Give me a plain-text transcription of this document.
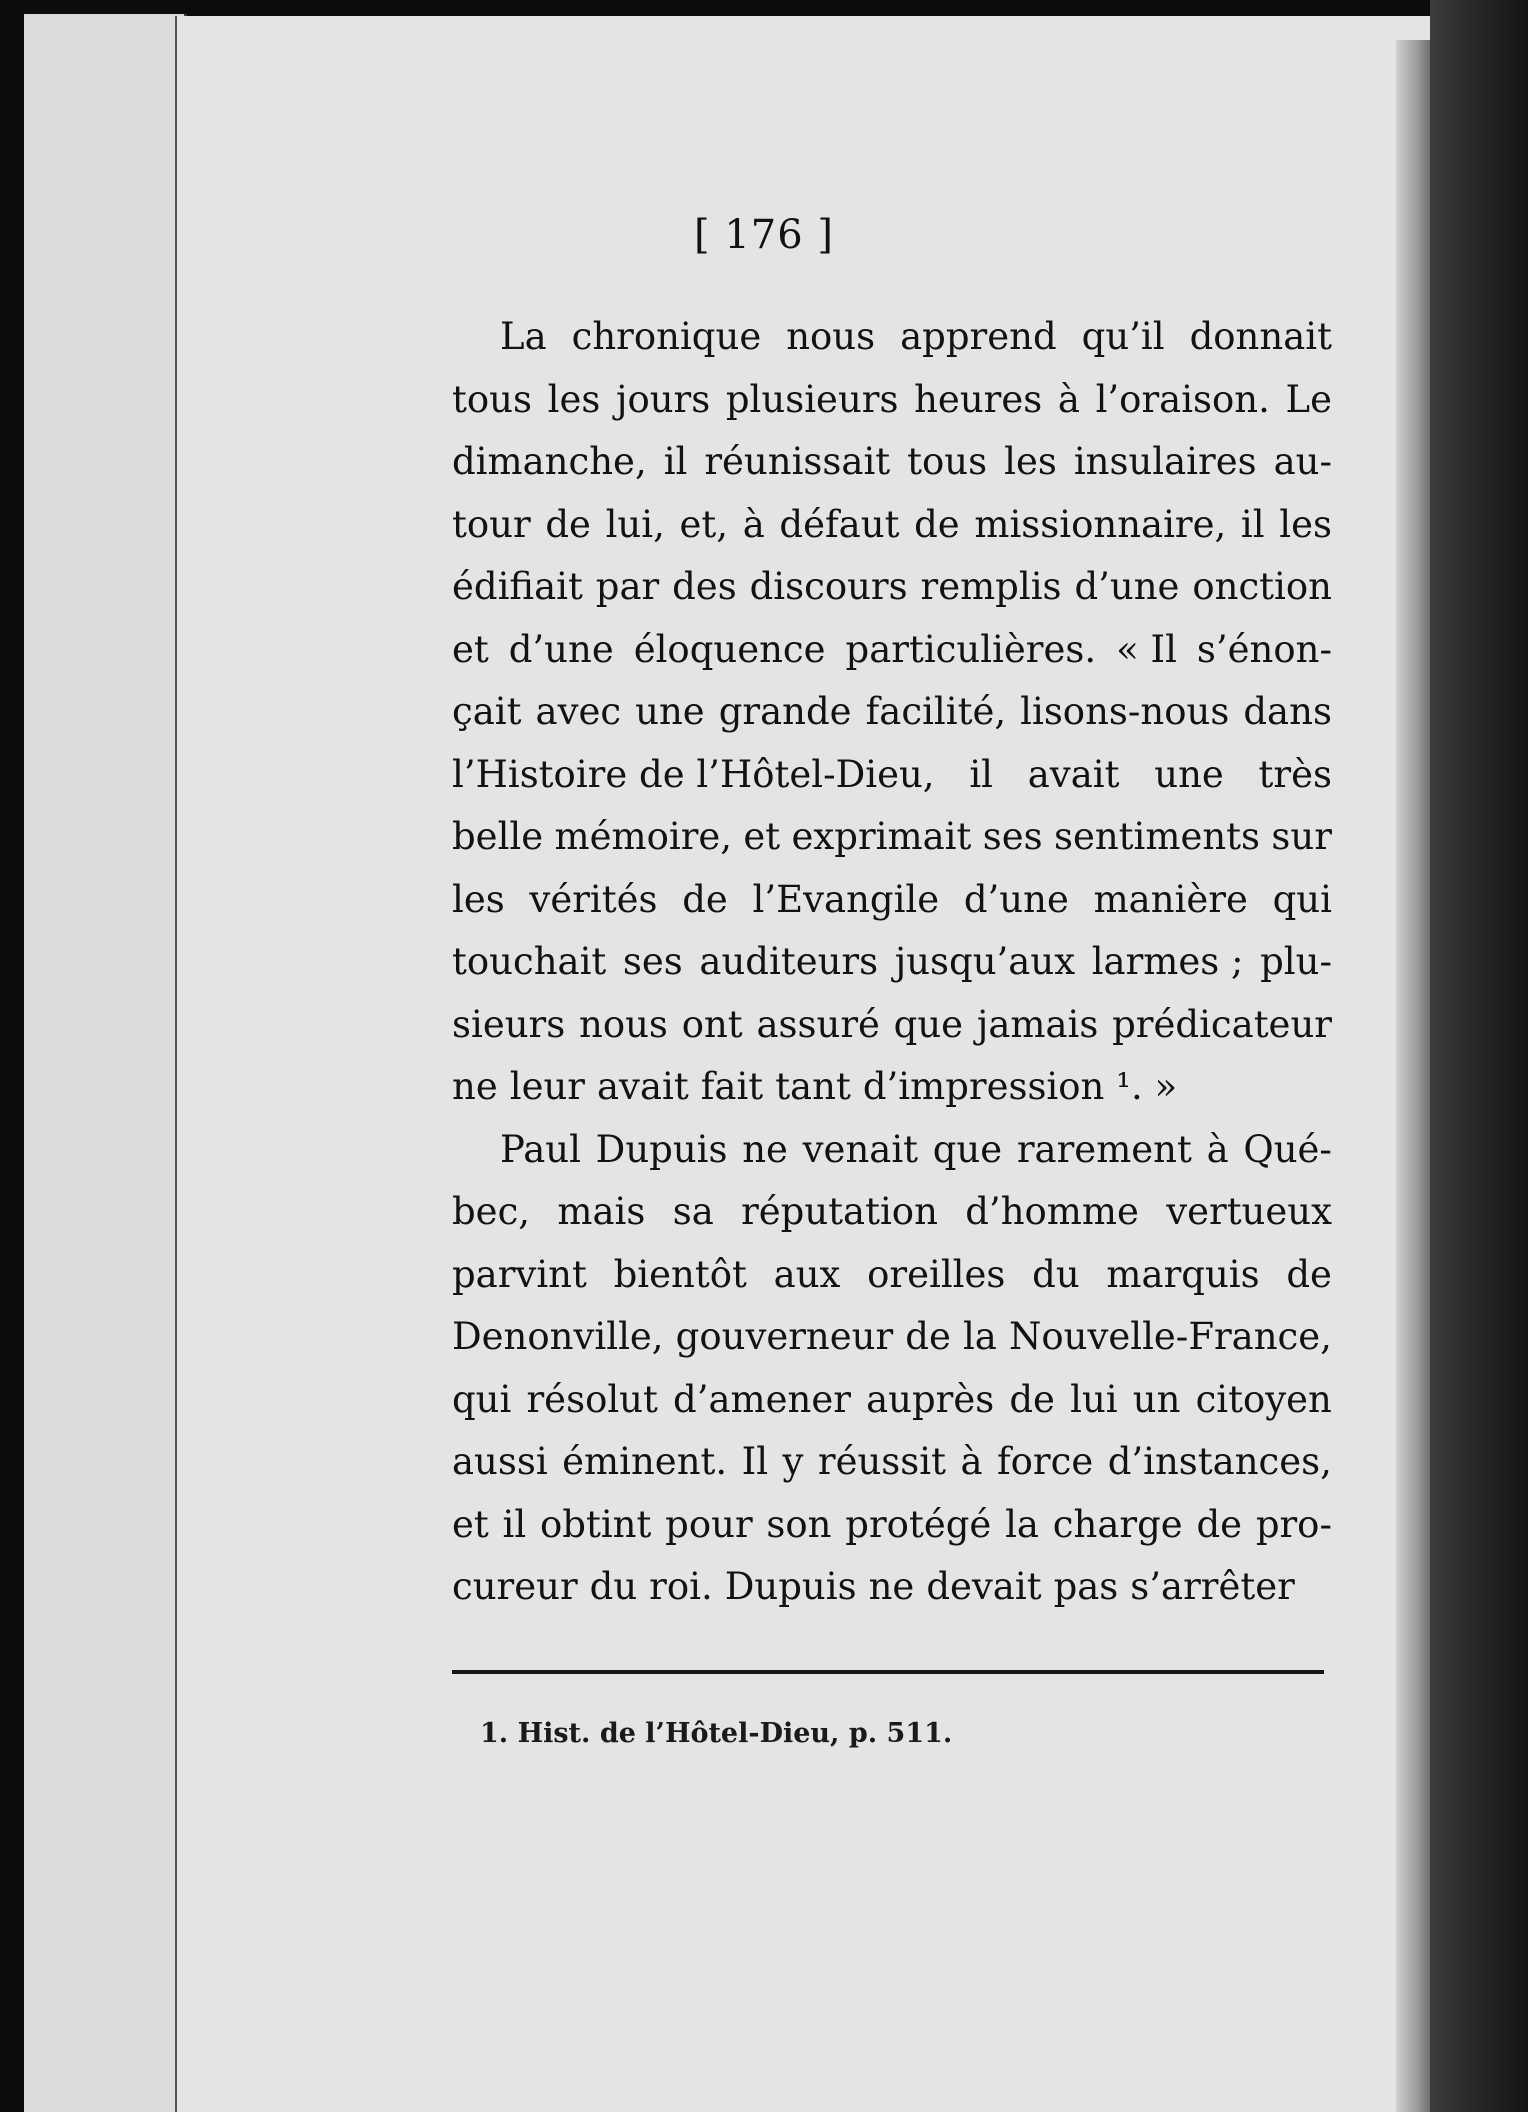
[ 176 ]
La chronique nous apprend qu’il donnait
tous les jours plusieurs heures à l’oraison. Le
dimanche, il réunissait tous les insulaires au-
tour de lui, et, à défaut de missionnaire, il les
édifiait par des discours remplis d’une onction
et d’une éloquence particulières. « Il s’énon-
çait avec une grande facilité, lisons-nous dans
l’Histoire de l’Hôtel-Dieu, il avait une très
belle mémoire, et exprimait ses sentiments sur
les vérités de l’Evangile d’une manière qui
touchait ses auditeurs jusqu’aux larmes ; plu-
sieurs nous ont assuré que jamais prédicateur
ne leur avait fait tant d’impression ¹. »
Paul Dupuis ne venait que rarement à Qué-
bec, mais sa réputation d’homme vertueux
parvint bientôt aux oreilles du marquis de
Denonville, gouverneur de la Nouvelle-France,
qui résolut d’amener auprès de lui un citoyen
aussi éminent. Il y réussit à force d’instances,
et il obtint pour son protégé la charge de pro-
cureur du roi. Dupuis ne devait pas s’arrêter
1. Hist. de l’Hôtel-Dieu, p. 511.
